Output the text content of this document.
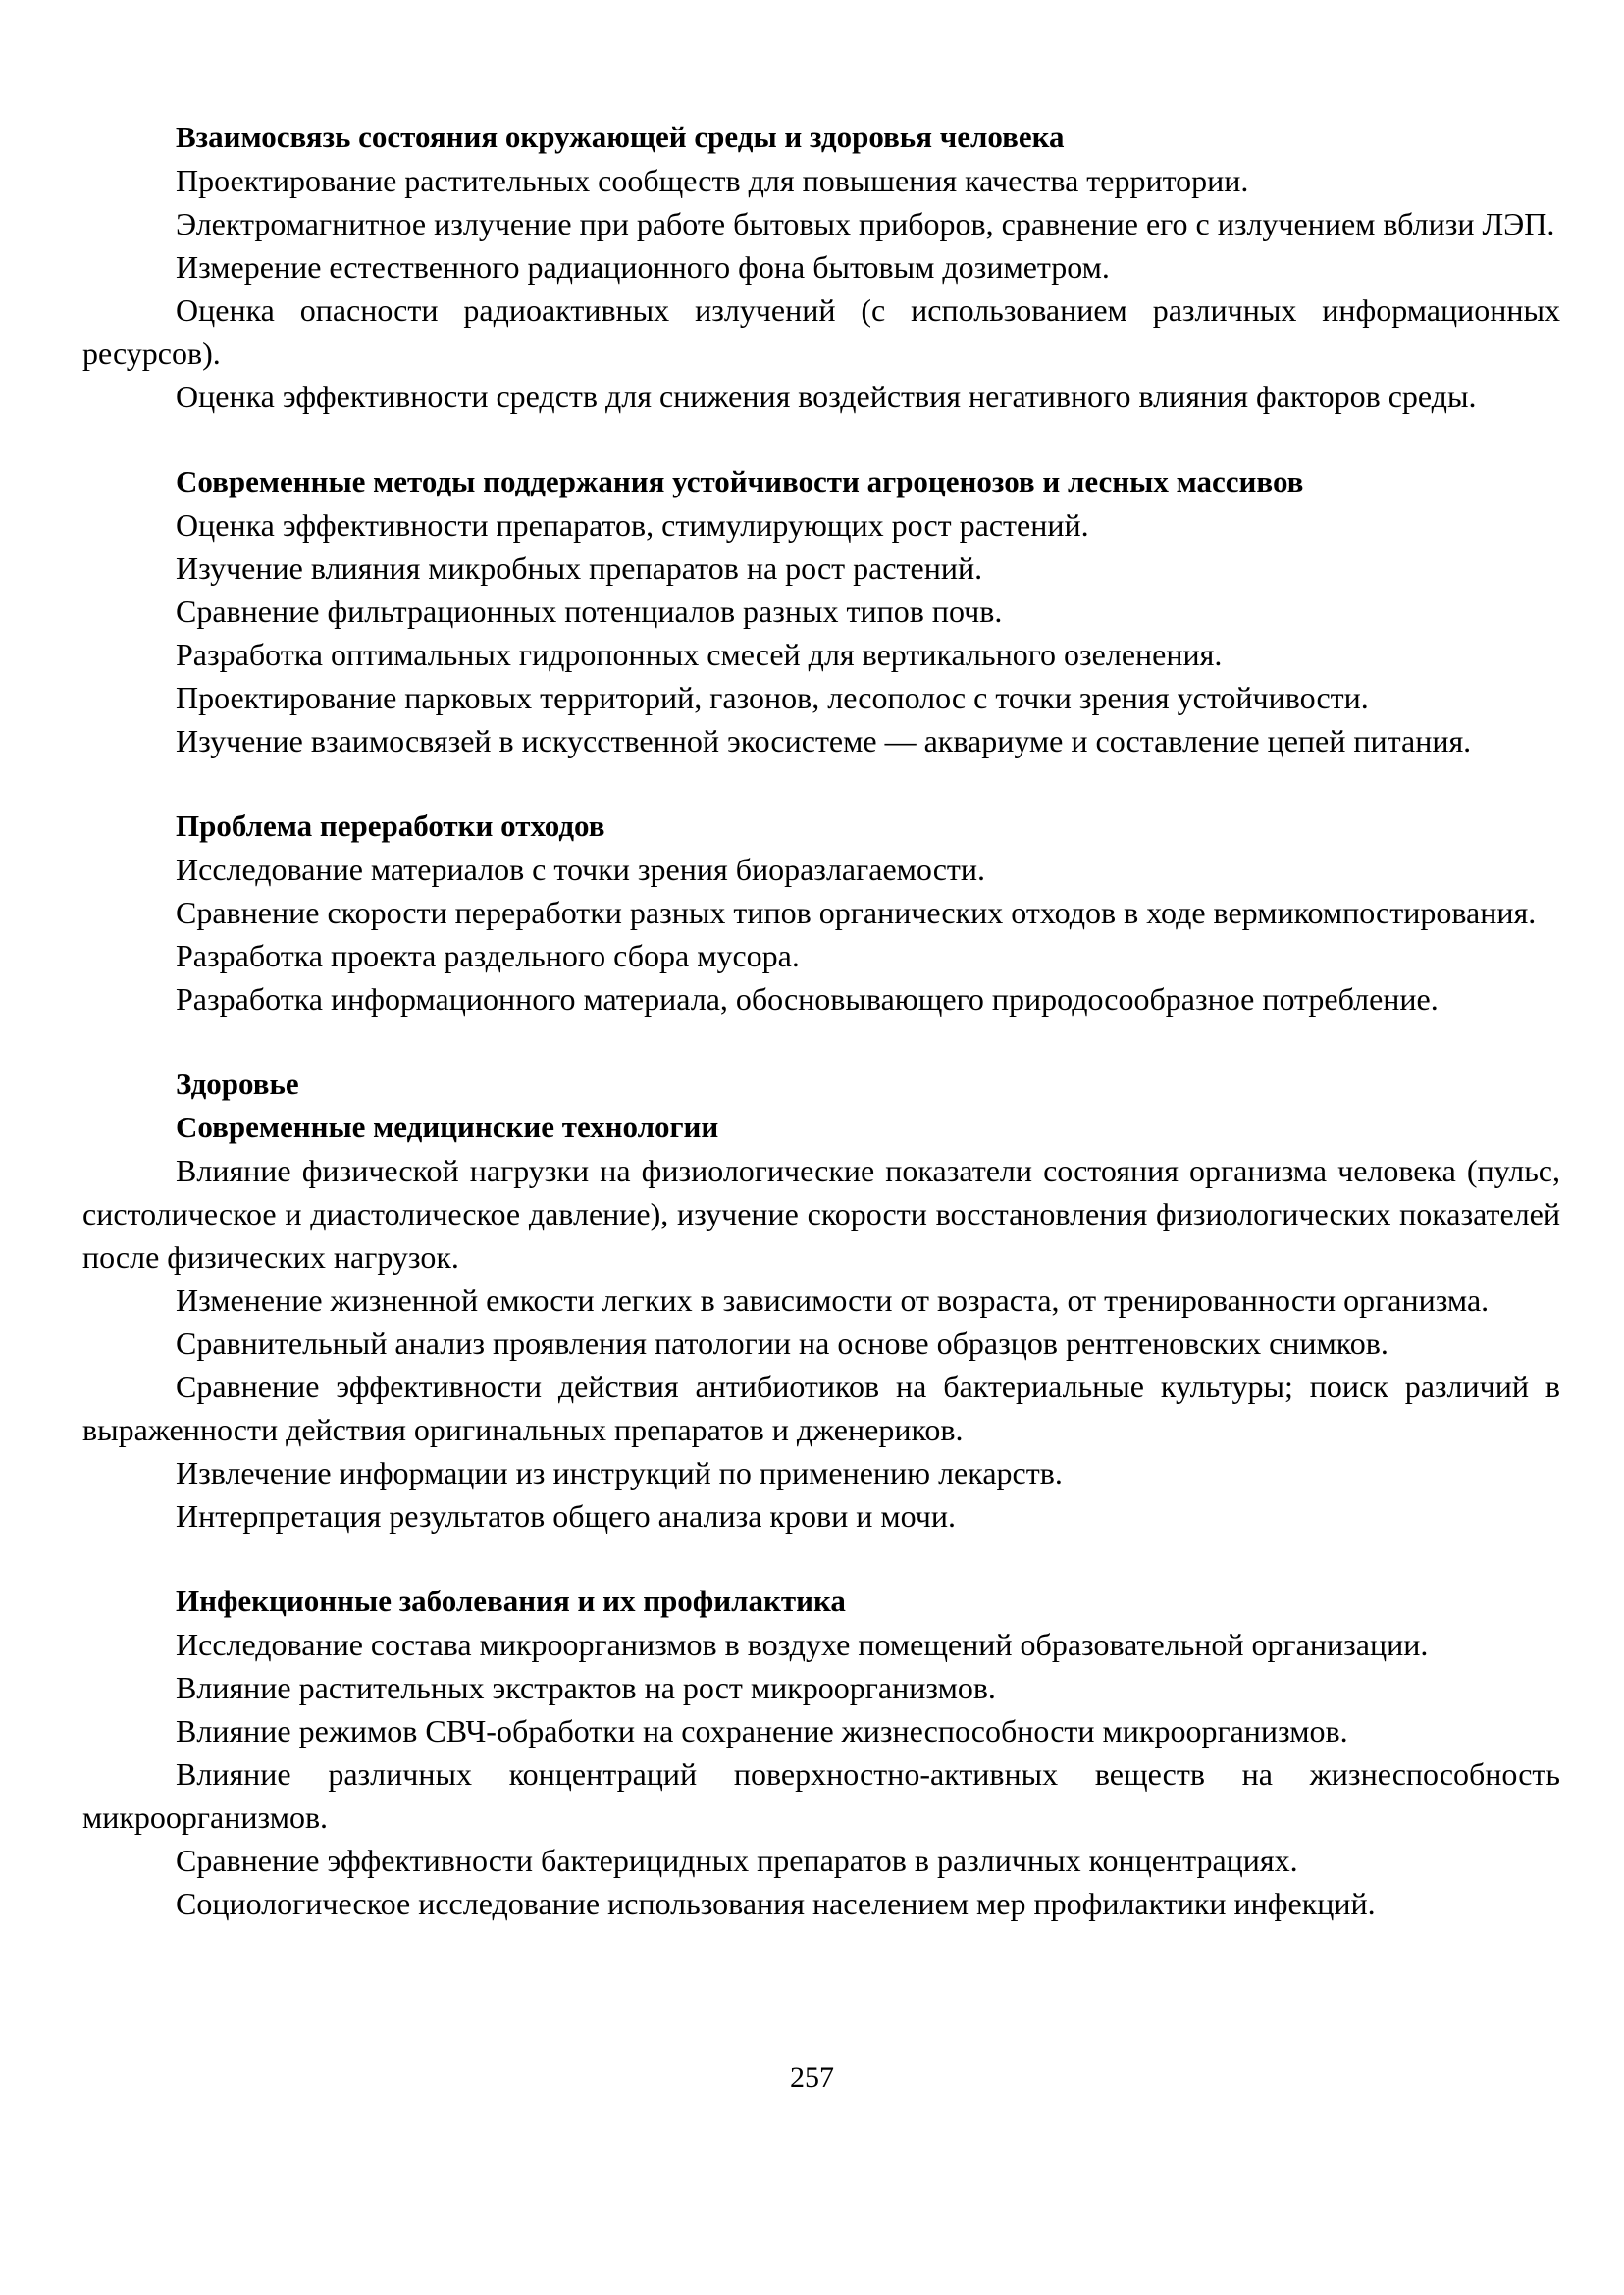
Взаимосвязь состояния окружающей среды и здоровья человека

Проектирование растительных сообществ для повышения качества территории.

Электромагнитное излучение при работе бытовых приборов, сравнение его с излучением вблизи ЛЭП.

Измерение естественного радиационного фона бытовым дозиметром.

Оценка опасности радиоактивных излучений (с использованием различных информационных ресурсов).

Оценка эффективности средств для снижения воздействия негативного влияния факторов среды.

Современные методы поддержания устойчивости агроценозов и лесных массивов

Оценка эффективности препаратов, стимулирующих рост растений.

Изучение влияния микробных препаратов на рост растений.

Сравнение фильтрационных потенциалов разных типов почв.

Разработка оптимальных гидропонных смесей для вертикального озеленения.

Проектирование парковых территорий, газонов, лесополос с точки зрения устойчивости.

Изучение взаимосвязей в искусственной экосистеме — аквариуме и составление цепей питания.

Проблема переработки отходов

Исследование материалов с точки зрения биоразлагаемости.

Сравнение скорости переработки разных типов органических отходов в ходе вермикомпостирования.

Разработка проекта раздельного сбора мусора.

Разработка информационного материала, обосновывающего природосообразное потребление.

Здоровье

Современные медицинские технологии

Влияние физической нагрузки на физиологические показатели состояния организма человека (пульс, систолическое и диастолическое давление), изучение скорости восстановления физиологических показателей после физических нагрузок.

Изменение жизненной емкости легких в зависимости от возраста, от тренированности организма.

Сравнительный анализ проявления патологии на основе образцов рентгеновских снимков.

Сравнение эффективности действия антибиотиков на бактериальные культуры; поиск различий в выраженности действия оригинальных препаратов и дженериков.

Извлечение информации из инструкций по применению лекарств.

Интерпретация результатов общего анализа крови и мочи.

Инфекционные заболевания и их профилактика

Исследование состава микроорганизмов в воздухе помещений образовательной организации.

Влияние растительных экстрактов на рост микроорганизмов.

Влияние режимов СВЧ-обработки на сохранение жизнеспособности микроорганизмов.

Влияние различных концентраций поверхностно-активных веществ на жизнеспособность микроорганизмов.

Сравнение эффективности бактерицидных препаратов в различных концентрациях.

Социологическое исследование использования населением мер профилактики инфекций.

257
